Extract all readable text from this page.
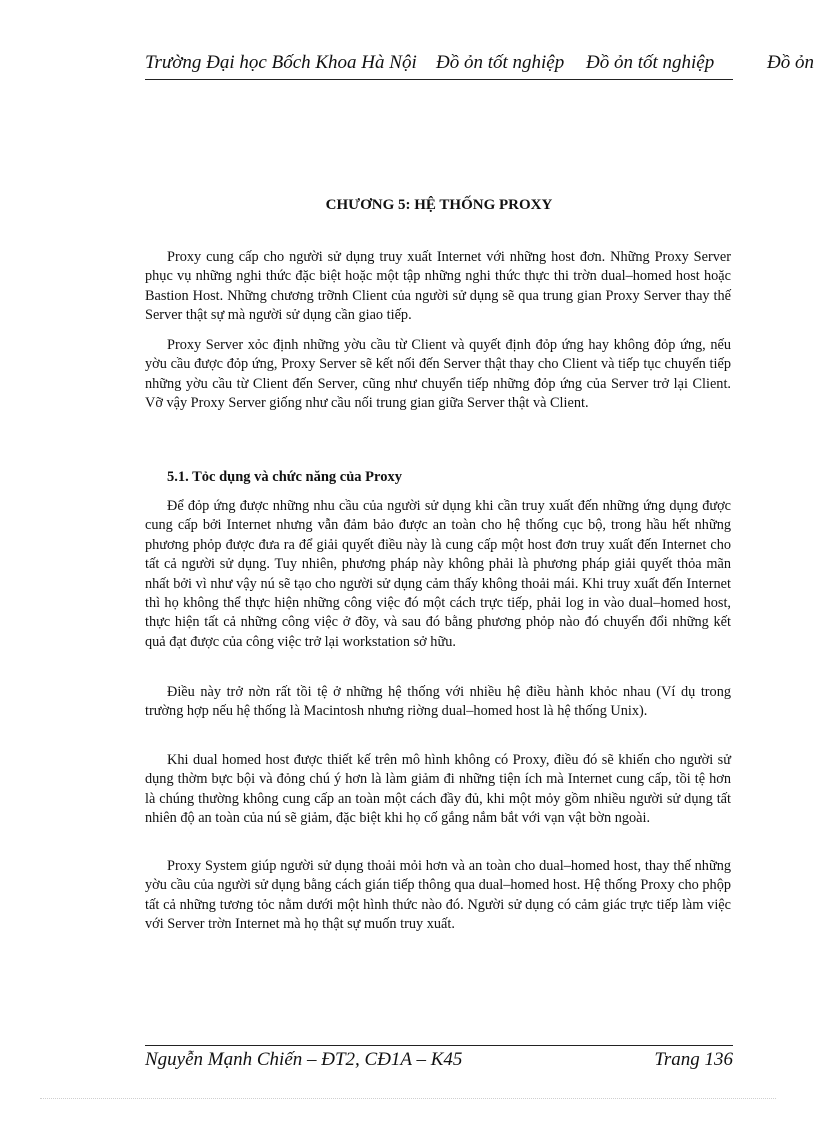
Trường Đại học Bốch Khoa Hà Nội Đồ ỏn tốt nghiệp Đồ ỏn tốt nghiệp	Đồ ỏn
CHƯƠNG 5: HỆ THỐNG PROXY

Proxy cung cấp cho người sử dụng truy xuất Internet với những host đơn. Những Proxy Server phục vụ những nghi thức đặc biệt hoặc một tập những nghi thức thực thi trờn dual–homed host hoặc Bastion Host. Những chương trỡnh Client của người sử dụng sẽ qua trung gian Proxy Server thay thế Server thật sự mà người sử dụng cần giao tiếp.

Proxy Server xỏc định những yờu cầu từ Client và quyết định đỏp ứng hay không đỏp ứng, nếu yờu cầu được đỏp ứng, Proxy Server sẽ kết nối đến Server thật thay cho Client và tiếp tục chuyển tiếp những yờu cầu từ Client đến Server, cũng như chuyển tiếp những đỏp ứng của Server trở lại Client. Vỡ vậy Proxy Server giống như cầu nối trung gian giữa Server thật và Client.

5.1. Tỏc dụng và chức năng của Proxy

Để đỏp ứng được những nhu cầu của người sử dụng khi cần truy xuất đến những ứng dụng được cung cấp bởi Internet nhưng vẫn đảm bảo được an toàn cho hệ thống cục bộ, trong hầu hết những phương phỏp được đưa ra để giải quyết điều này là cung cấp một host đơn truy xuất đến Internet cho tất cả người sử dụng. Tuy nhiên, phương pháp này không phải là phương pháp giải quyết thỏa mãn nhất bởi vì như vậy nú sẽ tạo cho người sử dụng cảm thấy không thoải mái. Khi truy xuất đến Internet thì họ không thể thực hiện những công việc đó một cách trực tiếp, phải log in vào dual–homed host, thực hiện tất cả những công việc ở đõy, và sau đó bằng phương phỏp nào đó chuyển đổi những kết quả đạt được của công việc trở lại workstation sở hữu.

Điều này trở nờn rất tồi tệ ở những hệ thống với nhiều hệ điều hành khỏc nhau (Ví dụ trong trường hợp nếu hệ thống là Macintosh nhưng riờng dual–homed host là hệ thống Unix).

Khi dual homed host được thiết kế trên mô hình không có Proxy, điều đó sẽ khiến cho người sử dụng thờm bực bội và đỏng chú ý hơn là làm giảm đi những tiện ích mà Internet cung cấp, tồi tệ hơn là chúng thường không cung cấp an toàn một cách đầy đủ, khi một mỏy gồm nhiều người sử dụng tất nhiên độ an toàn của nú sẽ giảm, đặc biệt khi họ cố gắng nắm bắt với vạn vật bờn ngoài.

Proxy System giúp người sử dụng thoải mỏi hơn và an toàn cho dual–homed host, thay thế những yờu cầu của người sử dụng bằng cách gián tiếp thông qua dual–homed host. Hệ thống Proxy cho phộp tất cả những tương tỏc nằm dưới một hình thức nào đó. Người sử dụng có cảm giác trực tiếp làm việc với Server trờn Internet mà họ thật sự muốn truy xuất.

Nguyễn Mạnh Chiến – ĐT2, CĐ1A – K45	Trang 136
